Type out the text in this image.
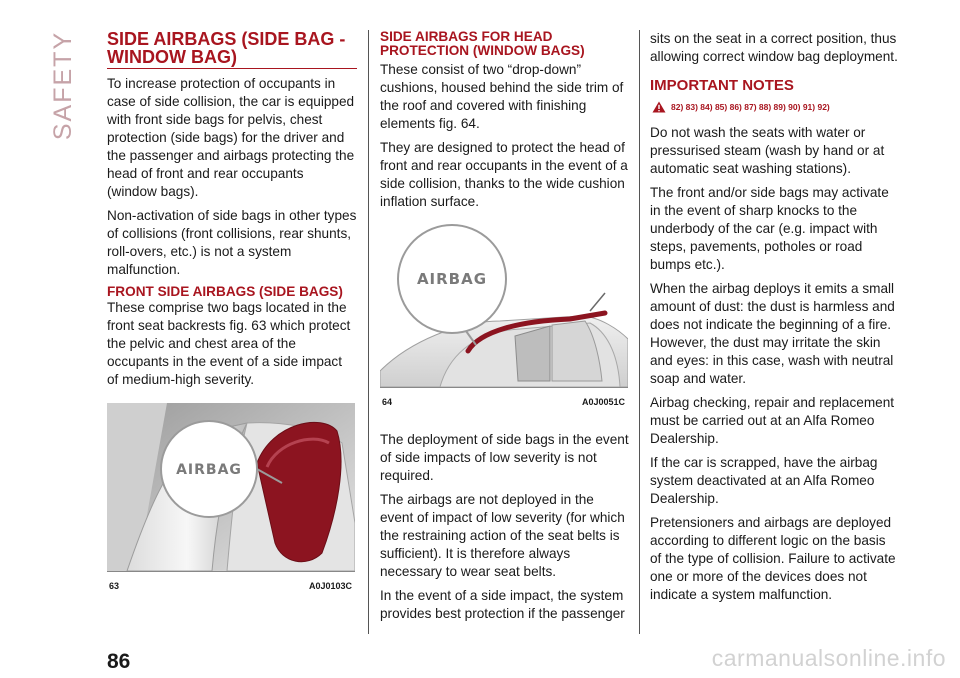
SAFETY SIDE AIRBAGS (SIDE BAG - WINDOW BAG)

To increase protection of occupants in case of side collision, the car is equipped with front side bags for pelvis, chest protection (side bags) for the driver and the passenger and airbags protecting the head of front and rear occupants (window bags).

Non-activation of side bags in other types of collisions (front collisions, rear shunts, roll-overs, etc.) is not a system malfunction.

FRONT SIDE AIRBAGS (SIDE BAGS)

These comprise two bags located in the front seat backrests fig. 63 which protect the pelvic and chest area of the occupants in the event of a side impact of medium-high severity.

AIRBAG
63	A0J0103C
SIDE AIRBAGS FOR HEAD PROTECTION (WINDOW BAGS)

These consist of two “drop-down” cushions, housed behind the side trim of the roof and covered with finishing elements fig. 64.

They are designed to protect the head of front and rear occupants in the event of a side collision, thanks to the wide cushion inflation surface.

AIRBAG
64	A0J0051C

The deployment of side bags in the event of side impacts of low severity is not required.

The airbags are not deployed in the event of impact of low severity (for which the restraining action of the seat belts is sufficient). It is therefore always necessary to wear seat belts.

In the event of a side impact, the system provides best protection if the passenger

sits on the seat in a correct position, thus allowing correct window bag deployment.

IMPORTANT NOTES
82) 83) 84) 85) 86) 87) 88) 89) 90) 91) 92)

Do not wash the seats with water or pressurised steam (wash by hand or at automatic seat washing stations).

The front and/or side bags may activate in the event of sharp knocks to the underbody of the car (e.g. impact with steps, pavements, potholes or road bumps etc.).

When the airbag deploys it emits a small amount of dust: the dust is harmless and does not indicate the beginning of a fire. However, the dust may irritate the skin and eyes: in this case, wash with neutral soap and water.

Airbag checking, repair and replacement must be carried out at an Alfa Romeo Dealership.

If the car is scrapped, have the airbag system deactivated at an Alfa Romeo Dealership.

Pretensioners and airbags are deployed according to different logic on the basis of the type of collision. Failure to activate one or more of the devices does not indicate a system malfunction.

86	carmanualsonline.info
